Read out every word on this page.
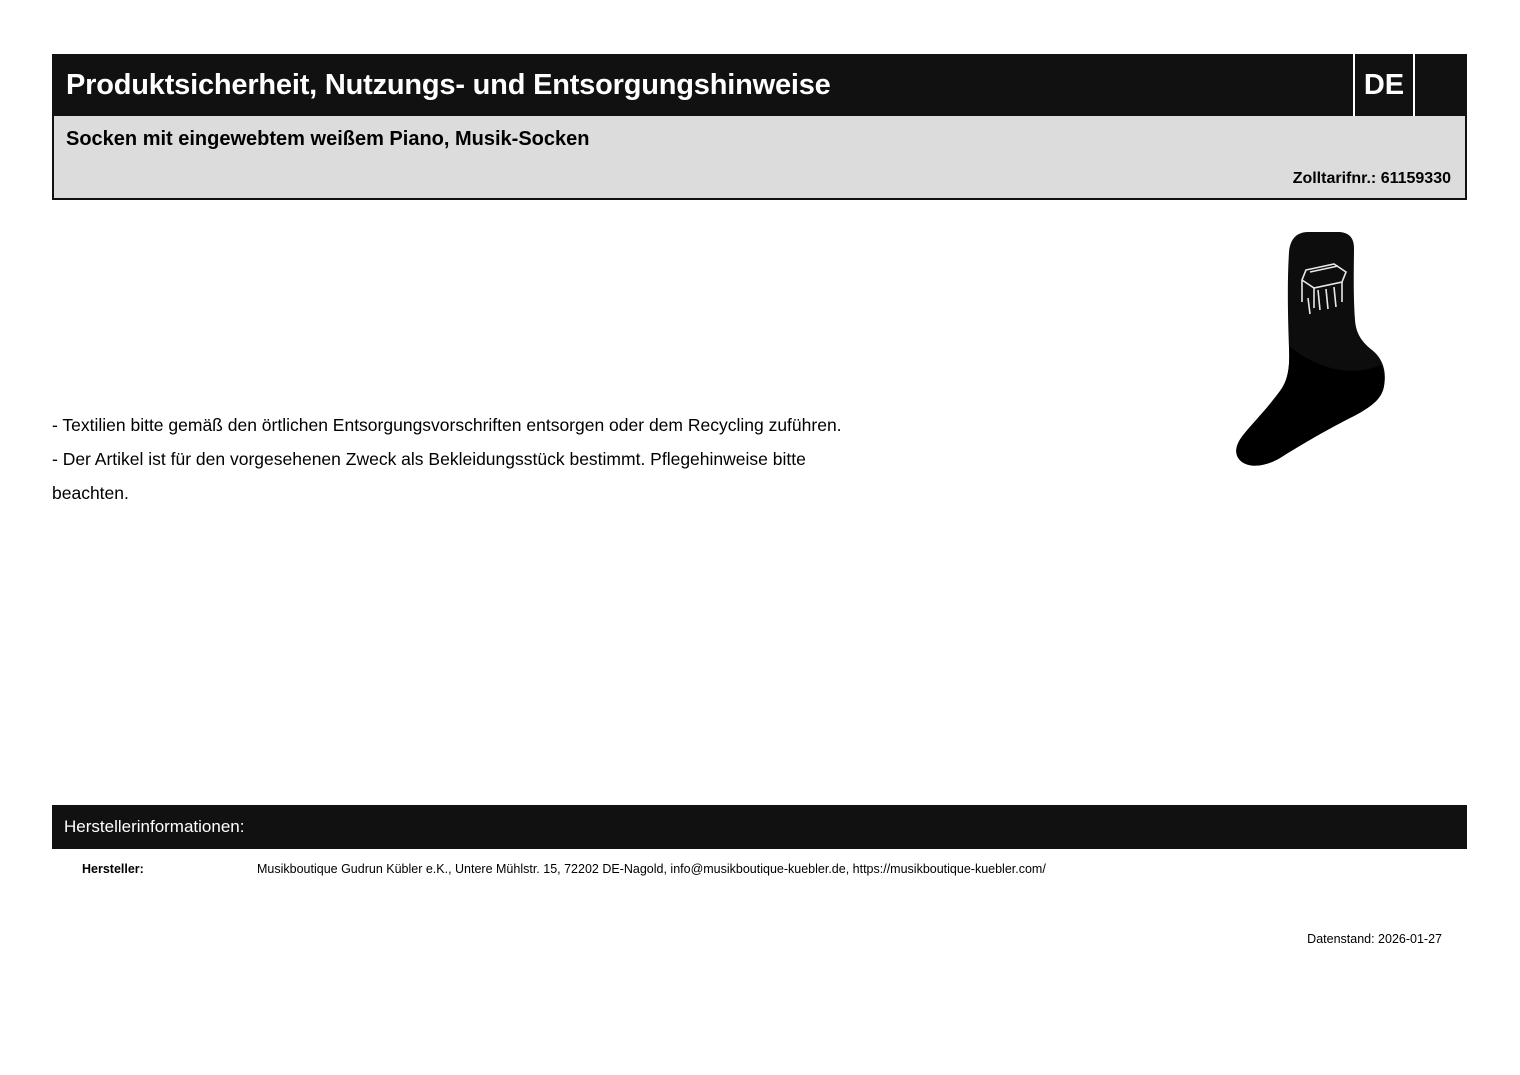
Produktsicherheit, Nutzungs- und Entsorgungshinweise	DE
Socken mit eingewebtem weißem Piano, Musik-Socken
Zolltarifnr.: 61159330

- Textilien bitte gemäß den örtlichen Entsorgungsvorschriften entsorgen oder dem Recycling zuführen.

- Der Artikel ist für den vorgesehenen Zweck als Bekleidungsstück bestimmt. Pflegehinweise bitte

beachten.

Herstellerinformationen:
Hersteller:	Musikboutique Gudrun Kübler e.K., Untere Mühlstr. 15, 72202 DE-Nagold, info@musikboutique-kuebler.de, https://musikboutique-kuebler.com/
Datenstand: 2026-01-27
